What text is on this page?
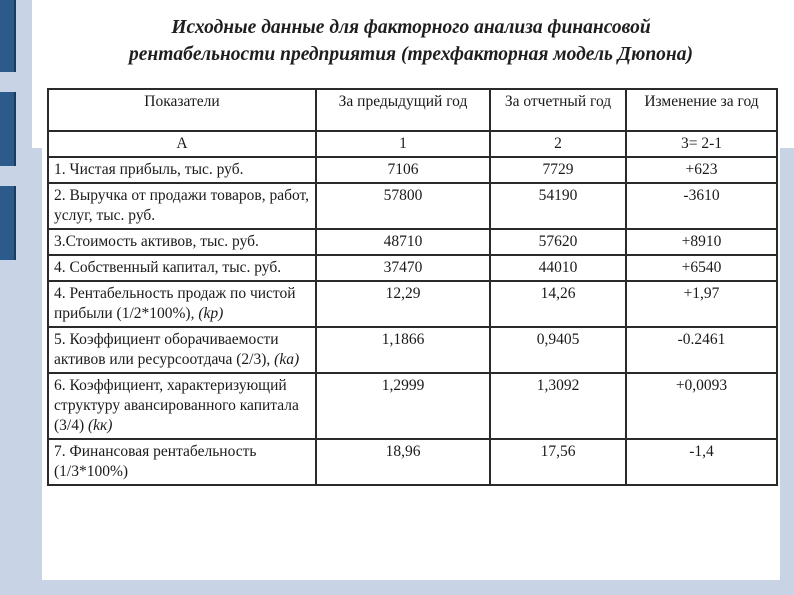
Исходные данные для факторного анализа финансовой
рентабельности предприятия (трехфакторная модель Дюпона)
Показатели	За предыдущий год	За отчетный год	Изменение за год
А	1	2	3= 2-1
1. Чистая прибыль, тыс. руб.	7106	7729	+623
2. Выручка от продажи товаров, работ, услуг, тыс. руб.	57800	54190	-3610
3.Стоимость активов, тыс. руб.	48710	57620	+8910
4. Собственный капитал, тыс. руб.	37470	44010	+6540
4. Рентабельность продаж по чистой прибыли (1/2*100%), (kp)	12,29	14,26	+1,97
5. Коэффициент оборачиваемости активов или ресурсоотдача (2/3), (kа)	1,1866	0,9405	-0.2461
6. Коэффициент, характеризующий структуру авансированного капитала (3/4) (kк)	1,2999	1,3092	+0,0093
7. Финансовая рентабельность (1/3*100%)	18,96	17,56	-1,4
